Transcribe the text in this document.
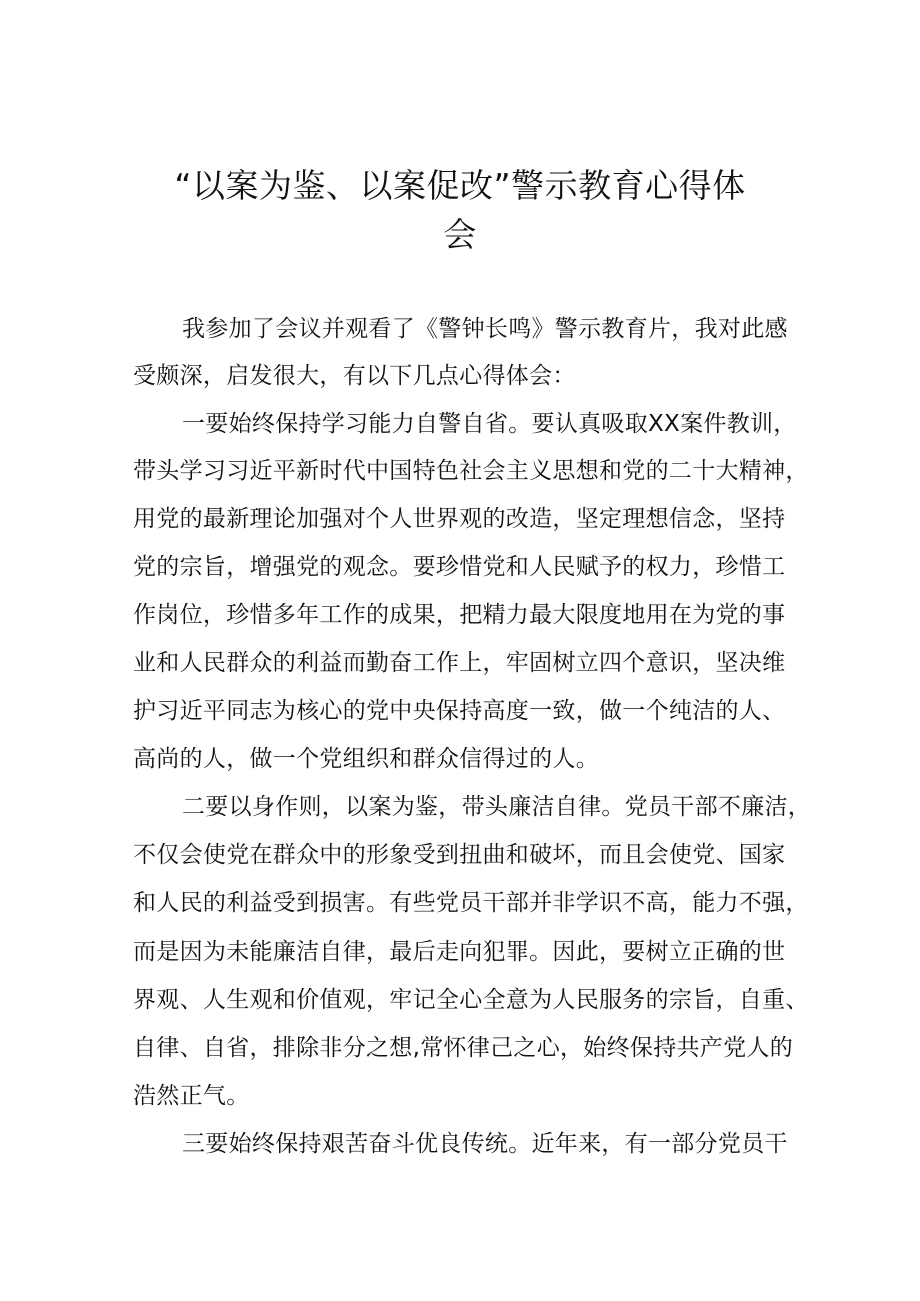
“以案为鉴、以案促改”警示教育心得体
会
我参加了会议并观看了《警钟长鸣》警示教育片，我对此感
受颇深，启发很大，有以下几点心得体会：
一要始终保持学习能力自警自省。要认真吸取XX案件教训，
带头学习习近平新时代中国特色社会主义思想和党的二十大精神，
用党的最新理论加强对个人世界观的改造，坚定理想信念，坚持
党的宗旨，增强党的观念。要珍惜党和人民赋予的权力，珍惜工
作岗位，珍惜多年工作的成果，把精力最大限度地用在为党的事
业和人民群众的利益而勤奋工作上，牢固树立四个意识，坚决维
护习近平同志为核心的党中央保持高度一致，做一个纯洁的人、
高尚的人，做一个党组织和群众信得过的人。
二要以身作则，以案为鉴，带头廉洁自律。党员干部不廉洁，
不仅会使党在群众中的形象受到扭曲和破坏，而且会使党、国家
和人民的利益受到损害。有些党员干部并非学识不高，能力不强，
而是因为未能廉洁自律，最后走向犯罪。因此，要树立正确的世
界观、人生观和价值观，牢记全心全意为人民服务的宗旨，自重、
自律、自省，排除非分之想,常怀律己之心，始终保持共产党人的
浩然正气。
三要始终保持艰苦奋斗优良传统。近年来，有一部分党员干
